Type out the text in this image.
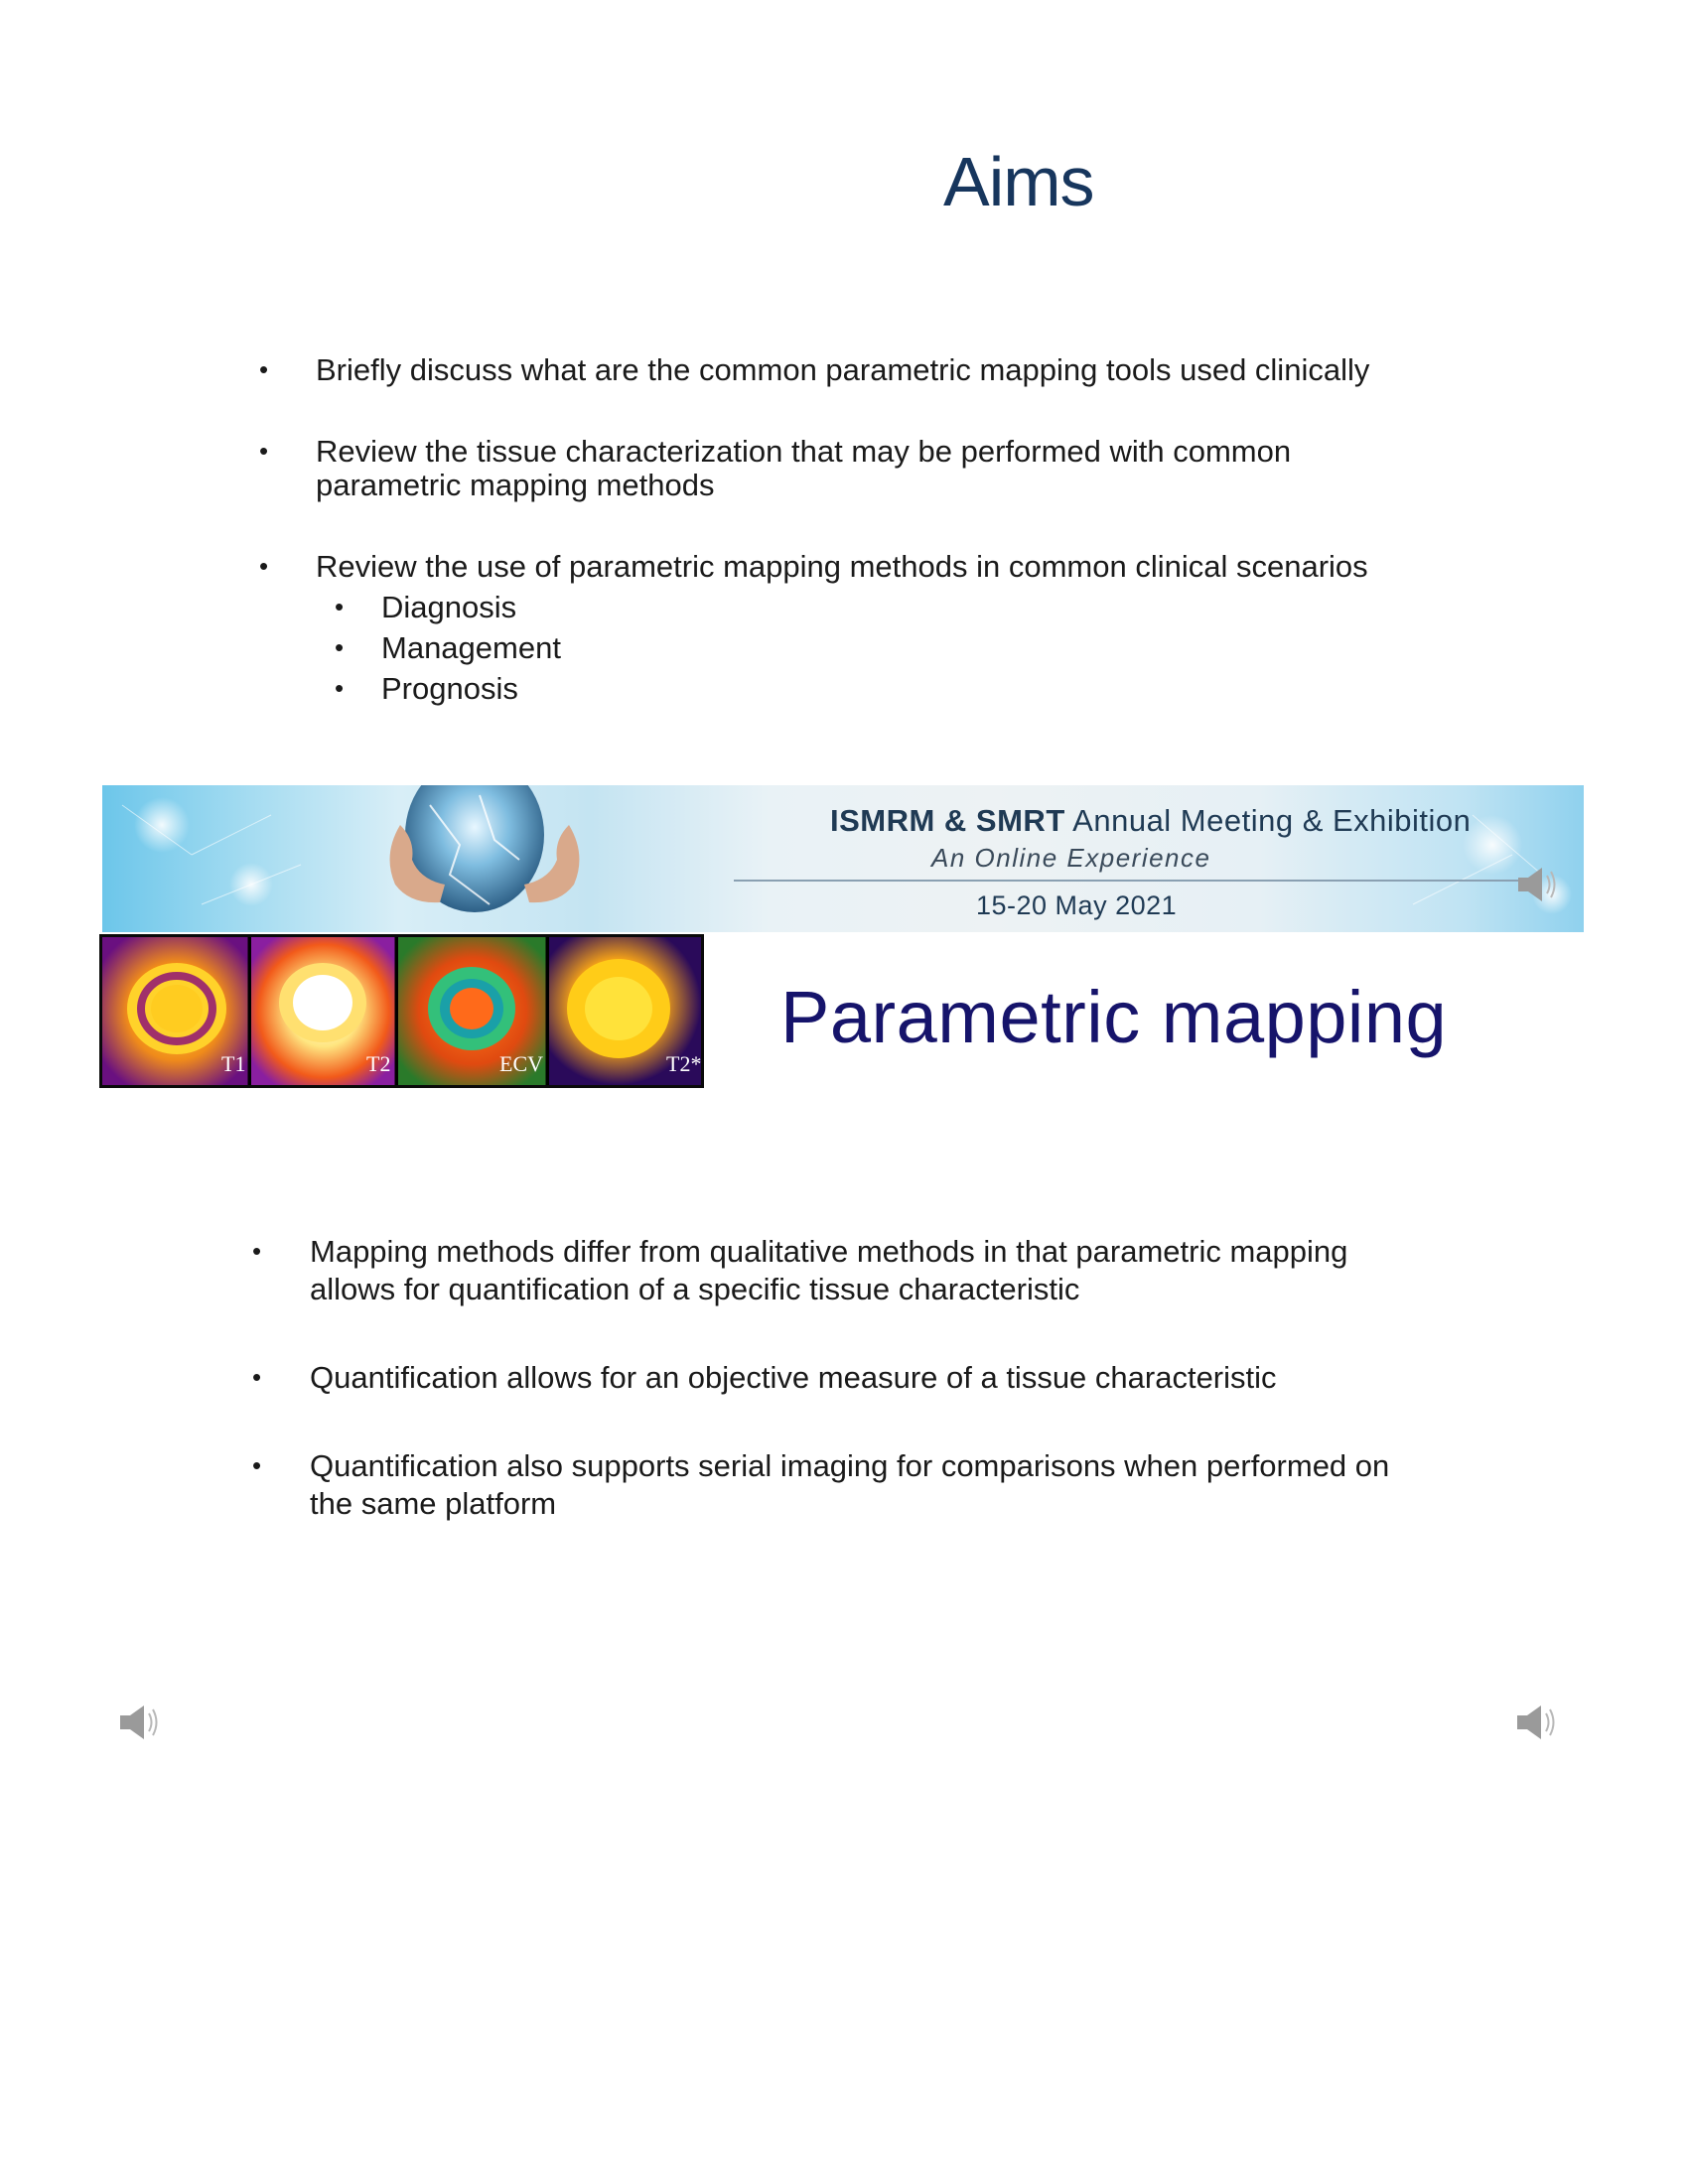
Aims
• Briefly discuss what are the common parametric mapping tools used clinically
• Review the tissue characterization that may be performed with common
parametric mapping methods
• Review the use of parametric mapping methods in common clinical scenarios
• Diagnosis
• Management
• Prognosis
ISMRM & SMRT Annual Meeting & Exhibition
An Online Experience
15-20 May 2021
T1	T2	ECV	T2*
Parametric mapping
• Mapping methods differ from qualitative methods in that parametric mapping
allows for quantification of a specific tissue characteristic
• Quantification allows for an objective measure of a tissue characteristic
• Quantification also supports serial imaging for comparisons when performed on
the same platform
